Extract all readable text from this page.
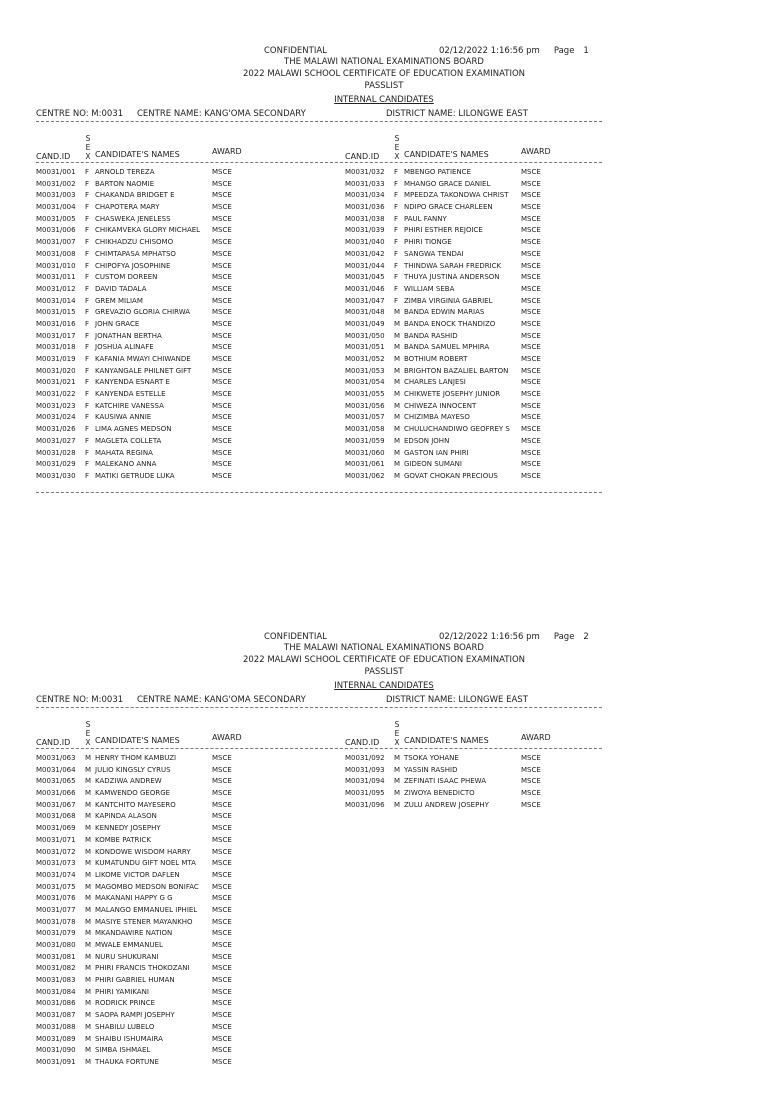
CONFIDENTIAL	02/12/2022 1:16:56 pm Page 1
THE MALAWI NATIONAL EXAMINATIONS BOARD
2022 MALAWI SCHOOL CERTIFICATE OF EDUCATION EXAMINATION
PASSLIST
INTERNAL CANDIDATES
CENTRE NO: M:0031 CENTRE NAME: KANG'OMA SECONDARY	DISTRICT NAME: LILONGWE EAST
CAND.ID
S
E
X CANDIDATE'S NAMES	AWARD
M0031/001 F ARNOLD TEREZA	MSCE
M0031/002 F BARTON NAOMIE	MSCE
M0031/003 F CHAKANDA BRIDGET E	MSCE
M0031/004 F CHAPOTERA MARY	MSCE
M0031/005 F CHASWEKA JENELESS	MSCE
M0031/006 F CHIKAMVEKA GLORY MICHAEL MSCE
M0031/007 F CHIKHADZU CHISOMO	MSCE
M0031/008 F CHIMTAPASA MPHATSO	MSCE
M0031/010 F CHIPOFYA JOSOPHINE	MSCE
M0031/011 F CUSTOM DOREEN	MSCE
M0031/012 F DAVID TADALA	MSCE
M0031/014 F GREM MILIAM	MSCE
M0031/015 F GREVAZIO GLORIA CHIRWA	MSCE
M0031/016 F JOHN GRACE	MSCE
M0031/017 F JONATHAN BERTHA	MSCE
M0031/018 F JOSHUA ALINAFE	MSCE
M0031/019 F KAFANIA MWAYI CHIWANDE	MSCE
M0031/020 F KANYANGALE PHILNET GIFT	MSCE
M0031/021 F KANYENDA ESNART E	MSCE
M0031/022 F KANYENDA ESTELLE	MSCE
M0031/023 F KATCHIRE VANESSA	MSCE
M0031/024 F KAUSIWA ANNIE	MSCE
M0031/026 F LIMA AGNES MEDSON	MSCE
M0031/027 F MAGLETA COLLETA	MSCE
M0031/028 F MAHATA REGINA	MSCE
M0031/029 F MALEKANO ANNA	MSCE
M0031/030 F MATIKI GETRUDE LUKA	MSCE
CAND.ID
S
E
X CANDIDATE'S NAMES	AWARD
M0031/032 F MBENGO PATIENCE	MSCE
M0031/033 F MHANGO GRACE DANIEL	MSCE
M0031/034 F MPEEDZA TAKONDWA CHRIST MSCE
M0031/036 F NDIPO GRACE CHARLEEN	MSCE
M0031/038 F PAUL FANNY	MSCE
M0031/039 F PHIRI ESTHER REJOICE	MSCE
M0031/040 F PHIRI TIONGE	MSCE
M0031/042 F SANGWA TENDAI	MSCE
M0031/044 F THINDWA SARAH FREDRICK	MSCE
M0031/045 F THUYA JUSTINA ANDERSON	MSCE
M0031/046 F WILLIAM SEBA	MSCE
M0031/047 F ZIMBA VIRGINIA GABRIEL	MSCE
M0031/048 M BANDA EDWIN MARIAS	MSCE
M0031/049 M BANDA ENOCK THANDIZO	MSCE
M0031/050 M BANDA RASHID	MSCE
M0031/051 M BANDA SAMUEL MPHIRA	MSCE
M0031/052 M BOTHIUM ROBERT	MSCE
M0031/053 M BRIGHTON BAZALIEL BARTON MSCE
M0031/054 M CHARLES LANJESI	MSCE
M0031/055 M CHIKWETE JOSEPHY JUNIOR	MSCE
M0031/056 M CHIWEZA INNOCENT	MSCE
M0031/057 M CHIZIMBA MAYESO	MSCE
M0031/058 M CHULUCHANDIWO GEOFREY S MSCE
M0031/059 M EDSON JOHN	MSCE
M0031/060 M GASTON IAN PHIRI	MSCE
M0031/061 M GIDEON SUMANI	MSCE
M0031/062 M GOVAT CHOKAN PRECIOUS	MSCE
CONFIDENTIAL	02/12/2022 1:16:56 pm Page 2
THE MALAWI NATIONAL EXAMINATIONS BOARD
2022 MALAWI SCHOOL CERTIFICATE OF EDUCATION EXAMINATION
PASSLIST
INTERNAL CANDIDATES
CENTRE NO: M:0031 CENTRE NAME: KANG'OMA SECONDARY	DISTRICT NAME: LILONGWE EAST
CAND.ID
S
E
X CANDIDATE'S NAMES	AWARD
M0031/063 M HENRY THOM KAMBUZI	MSCE
M0031/064 M JULIO KINGSLY CYRUS	MSCE
M0031/065 M KADZIWA ANDREW	MSCE
M0031/066 M KAMWENDO GEORGE	MSCE
M0031/067 M KANTCHITO MAYESERO	MSCE
M0031/068 M KAPINDA ALASON	MSCE
M0031/069 M KENNEDY JOSEPHY	MSCE
M0031/071 M KOMBE PATRICK	MSCE
M0031/072 M KONDOWE WISDOM HARRY	MSCE
M0031/073 M KUMATUNDU GIFT NOEL MTA MSCE
M0031/074 M LIKOME VICTOR DAFLEN	MSCE
M0031/075 M MAGOMBO MEDSON BONIFAC MSCE
M0031/076 M MAKANANI HAPPY G G	MSCE
M0031/077 M MALANGO EMMANUEL IPHIEL MSCE
M0031/078 M MASIYE STENER MAYANKHO	MSCE
M0031/079 M MKANDAWIRE NATION	MSCE
M0031/080 M MWALE EMMANUEL	MSCE
M0031/081 M NURU SHUKURANI	MSCE
M0031/082 M PHIRI FRANCIS THOKOZANI	MSCE
M0031/083 M PHIRI GABRIEL HUMAN	MSCE
M0031/084 M PHIRI YAMIKANI	MSCE
M0031/086 M RODRICK PRINCE	MSCE
M0031/087 M SAOPA RAMPI JOSEPHY	MSCE
M0031/088 M SHABILU LUBELO	MSCE
M0031/089 M SHAIBU ISHUMAIRA	MSCE
M0031/090 M SIMBA ISHMAEL	MSCE
M0031/091 M THAUKA FORTUNE	MSCE
CAND.ID
S
E
X CANDIDATE'S NAMES	AWARD
M0031/092 M TSOKA YOHANE	MSCE
M0031/093 M YASSIN RASHID	MSCE
M0031/094 M ZEFINATI ISAAC PHEWA	MSCE
M0031/095 M ZIWOYA BENEDICTO	MSCE
M0031/096 M ZULU ANDREW JOSEPHY	MSCE
